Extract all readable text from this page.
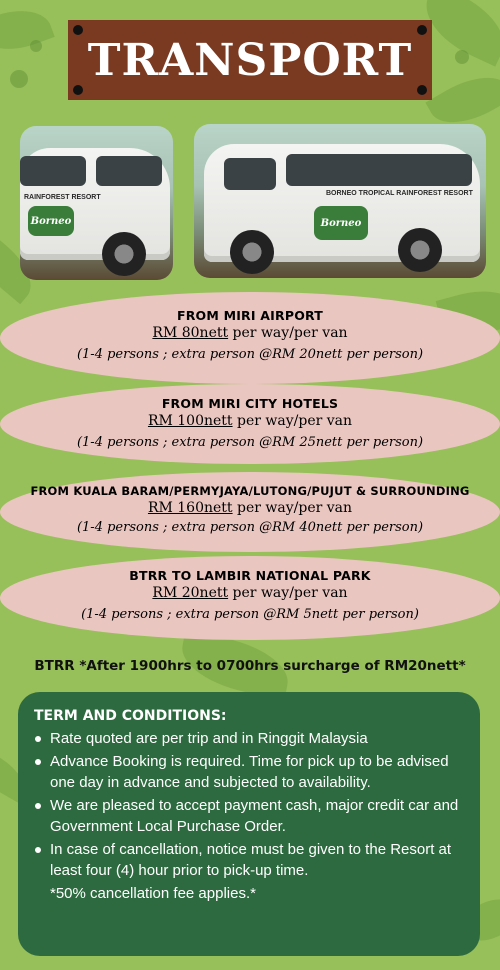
TRANSPORT
RAINFOREST RESORT
Borneo
BORNEO TROPICAL RAINFOREST RESORT
Borneo
FROM MIRI AIRPORT
RM 80nett per way/per van
(1-4 persons ; extra person @RM 20nett per person)
FROM MIRI CITY HOTELS
RM 100nett per way/per van
(1-4 persons ; extra person @RM 25nett per person)
FROM KUALA BARAM/PERMYJAYA/LUTONG/PUJUT & SURROUNDING
RM 160nett per way/per van
(1-4 persons ; extra person @RM 40nett per person)
BTRR TO LAMBIR NATIONAL PARK
RM 20nett per way/per van
(1-4 persons ; extra person @RM 5nett per person)
BTRR *After 1900hrs to 0700hrs surcharge of RM20nett*
TERM AND CONDITIONS:
Rate quoted are per trip and in Ringgit Malaysia
Advance Booking is required. Time for pick up to be advised one day in advance and subjected to availability.
We are pleased to accept payment cash, major credit car and Government Local Purchase Order.
In case of cancellation, notice must be given to the Resort at least four (4) hour prior to pick-up time.
*50% cancellation fee applies.*
